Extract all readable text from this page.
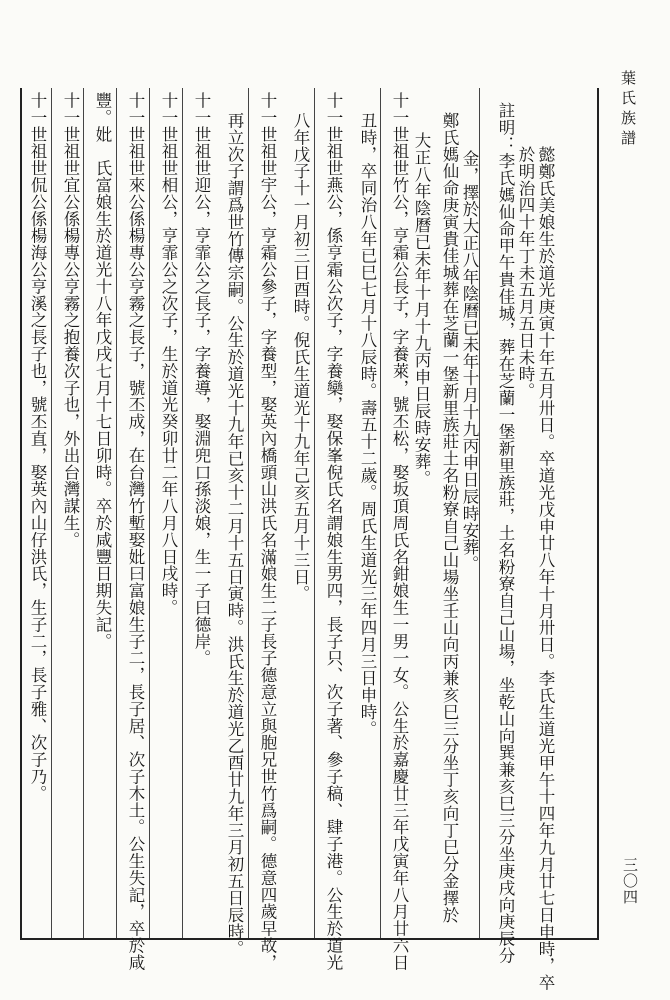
葉氏族譜
懿鄭氏美娘生於道光庚寅十年五月卅日。卒道光戊申廿八年十月卅日。李氏生道光甲午十四年九月廿七日申時，卒
於明治四十年丁未五月五日未時。
註明：李氏媽仙命甲午貴佳城，葬在芝蘭一堡新里族莊，土名粉寮自己山場，坐乾山向巽兼亥巳三分坐庚戌向庚辰分
金，擇於大正八年陰曆已未年十月十九丙申日辰時安葬。
鄭氏媽仙命庚寅貴佳城葬在芝蘭一堡新里族莊土名粉寮自己山場坐壬山向丙兼亥巳三分坐丁亥向丁巳分金擇於
大正八年陰曆已未年十月十九丙申日辰時安葬。
十一世祖世竹公，亨霜公長子，字養萊，號丕松，娶坂頂周氏名鉗娘生一男一女。公生於嘉慶廿三年戊寅年八月廿六日
丑時，卒同治八年已巳七月十八辰時。壽五十二歲。周氏生道光三年四月三日申時。
十一世祖世燕公，係亨霜公次子，字養欒，娶保峯倪氏名謂娘生男四，長子只、次子著、參子稿、肆子港。公生於道光
八年戊子十一月初三日酉時。倪氏生道光十九年己亥五月十三日。
十一世祖世宇公，亨霜公參子，字養型，娶英內橋頭山洪氏名滿娘生二子長子德意立與胞兄世竹爲嗣。德意四歲早故，
再立次子謂爲世竹傳宗嗣。公生於道光十九年已亥十二月十五日寅時。洪氏生於道光乙酉廿九年三月初五日辰時。
十一世祖世迎公，亨霏公之長子，字養導，娶淵兜口孫淡娘，生一子曰德岸。
十一世祖世相公，亨霏公之次子，生於道光癸卯廿二年八月八日戌時。
十一世祖世來公係楊專公亨霧之長子，號丕成，在台灣竹塹娶妣曰富娘生子二，長子居、次子木土。公生失記，卒於咸
豐。妣　氏富娘生於道光十八年戊戌七月十七日卯時。卒於咸豐日期失記。
十一世祖世宜公係楊專公亨霧之抱養次子也，外出台灣謀生。
十一世祖世侃公係楊海公亨溪之長子也，號丕直，娶英內山仔洪氏，生子二，長子雅、次子乃。
三〇四
